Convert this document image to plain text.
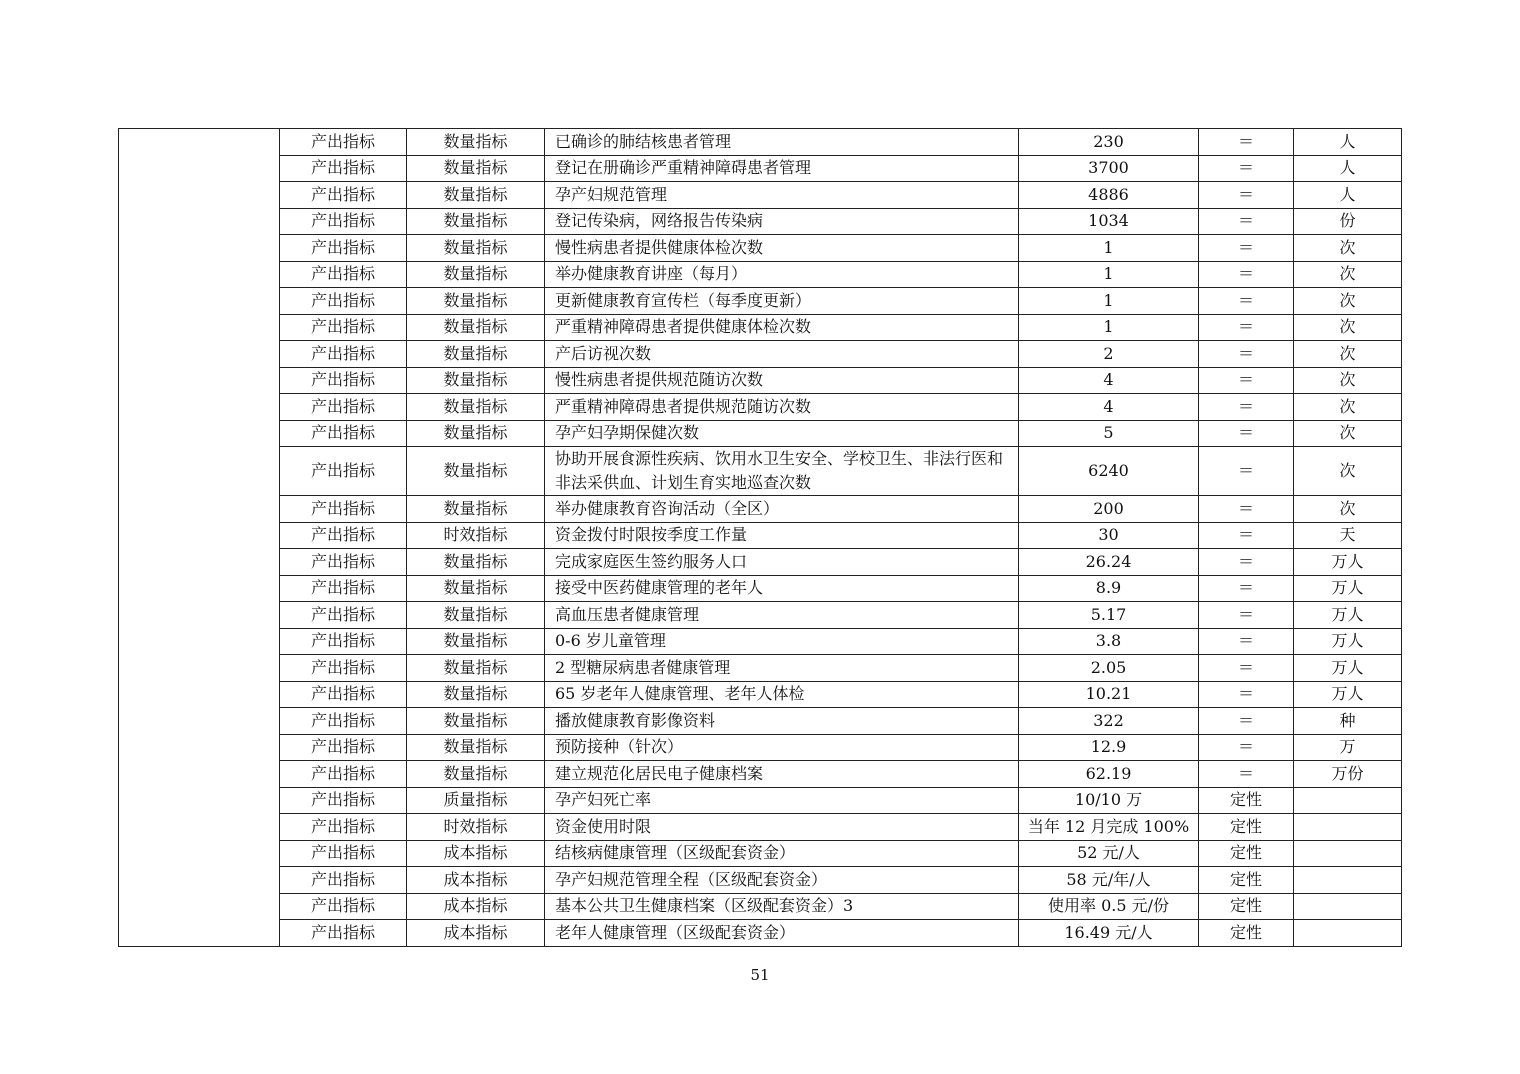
	产出指标	数量指标	已确诊的肺结核患者管理	230	＝	人
	产出指标	数量指标	登记在册确诊严重精神障碍患者管理	3700	＝	人
	产出指标	数量指标	孕产妇规范管理	4886	＝	人
	产出指标	数量指标	登记传染病，网络报告传染病	1034	＝	份
	产出指标	数量指标	慢性病患者提供健康体检次数	1	＝	次
	产出指标	数量指标	举办健康教育讲座（每月）	1	＝	次
	产出指标	数量指标	更新健康教育宣传栏（每季度更新）	1	＝	次
	产出指标	数量指标	严重精神障碍患者提供健康体检次数	1	＝	次
	产出指标	数量指标	产后访视次数	2	＝	次
	产出指标	数量指标	慢性病患者提供规范随访次数	4	＝	次
	产出指标	数量指标	严重精神障碍患者提供规范随访次数	4	＝	次
	产出指标	数量指标	孕产妇孕期保健次数	5	＝	次
	产出指标	数量指标	协助开展食源性疾病、饮用水卫生安全、学校卫生、非法行医和非法采供血、计划生育实地巡查次数	6240	＝	次
	产出指标	数量指标	举办健康教育咨询活动（全区）	200	＝	次
	产出指标	时效指标	资金拨付时限按季度工作量	30	＝	天
	产出指标	数量指标	完成家庭医生签约服务人口	26.24	＝	万人
	产出指标	数量指标	接受中医药健康管理的老年人	8.9	＝	万人
	产出指标	数量指标	高血压患者健康管理	5.17	＝	万人
	产出指标	数量指标	0-6 岁儿童管理	3.8	＝	万人
	产出指标	数量指标	2 型糖尿病患者健康管理	2.05	＝	万人
	产出指标	数量指标	65 岁老年人健康管理、老年人体检	10.21	＝	万人
	产出指标	数量指标	播放健康教育影像资料	322	＝	种
	产出指标	数量指标	预防接种（针次）	12.9	＝	万
	产出指标	数量指标	建立规范化居民电子健康档案	62.19	＝	万份
	产出指标	质量指标	孕产妇死亡率	10/10 万	定性	
	产出指标	时效指标	资金使用时限	当年 12 月完成 100%	定性	
	产出指标	成本指标	结核病健康管理（区级配套资金）	52 元/人	定性	
	产出指标	成本指标	孕产妇规范管理全程（区级配套资金）	58 元/年/人	定性	
	产出指标	成本指标	基本公共卫生健康档案（区级配套资金）3	使用率 0.5 元/份	定性	
	产出指标	成本指标	老年人健康管理（区级配套资金）	16.49 元/人	定性	
51
